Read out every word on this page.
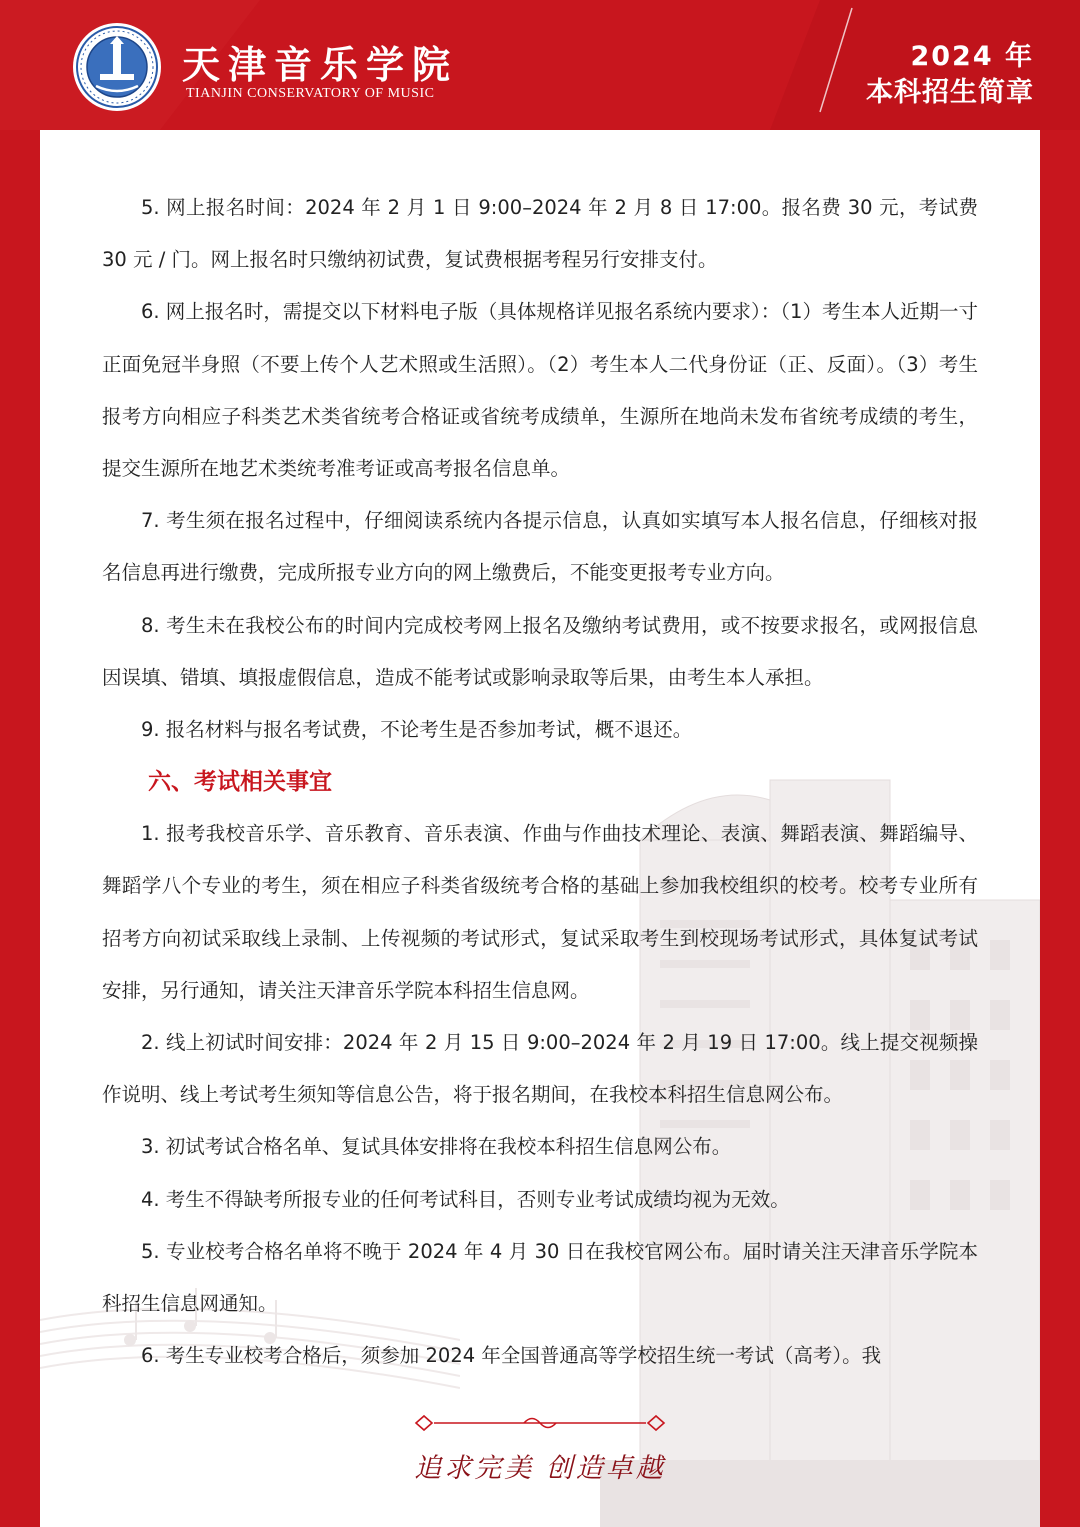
天津音乐学院
TIANJIN CONSERVATORY OF MUSIC
2024 年
本科招生简章

5. 网上报名时间：2024 年 2 月 1 日 9:00–2024 年 2 月 8 日 17:00。报名费 30 元，考试费 30 元 / 门。网上报名时只缴纳初试费，复试费根据考程另行安排支付。

6. 网上报名时，需提交以下材料电子版（具体规格详见报名系统内要求）：（1）考生本人近期一寸正面免冠半身照（不要上传个人艺术照或生活照）。（2）考生本人二代身份证（正、反面）。（3）考生报考方向相应子科类艺术类省统考合格证或省统考成绩单，生源所在地尚未发布省统考成绩的考生，提交生源所在地艺术类统考准考证或高考报名信息单。

7. 考生须在报名过程中，仔细阅读系统内各提示信息，认真如实填写本人报名信息，仔细核对报名信息再进行缴费，完成所报专业方向的网上缴费后，不能变更报考专业方向。

8. 考生未在我校公布的时间内完成校考网上报名及缴纳考试费用，或不按要求报名，或网报信息因误填、错填、填报虚假信息，造成不能考试或影响录取等后果，由考生本人承担。

9. 报名材料与报名考试费，不论考生是否参加考试，概不退还。

六、考试相关事宜

1. 报考我校音乐学、音乐教育、音乐表演、作曲与作曲技术理论、表演、舞蹈表演、舞蹈编导、舞蹈学八个专业的考生，须在相应子科类省级统考合格的基础上参加我校组织的校考。校考专业所有招考方向初试采取线上录制、上传视频的考试形式，复试采取考生到校现场考试形式，具体复试考试安排，另行通知，请关注天津音乐学院本科招生信息网。

2. 线上初试时间安排：2024 年 2 月 15 日 9:00–2024 年 2 月 19 日 17:00。线上提交视频操作说明、线上考试考生须知等信息公告，将于报名期间，在我校本科招生信息网公布。

3. 初试考试合格名单、复试具体安排将在我校本科招生信息网公布。

4. 考生不得缺考所报专业的任何考试科目，否则专业考试成绩均视为无效。

5. 专业校考合格名单将不晚于 2024 年 4 月 30 日在我校官网公布。届时请关注天津音乐学院本科招生信息网通知。

6. 考生专业校考合格后，须参加 2024 年全国普通高等学校招生统一考试（高考）。我

追求完美 创造卓越
